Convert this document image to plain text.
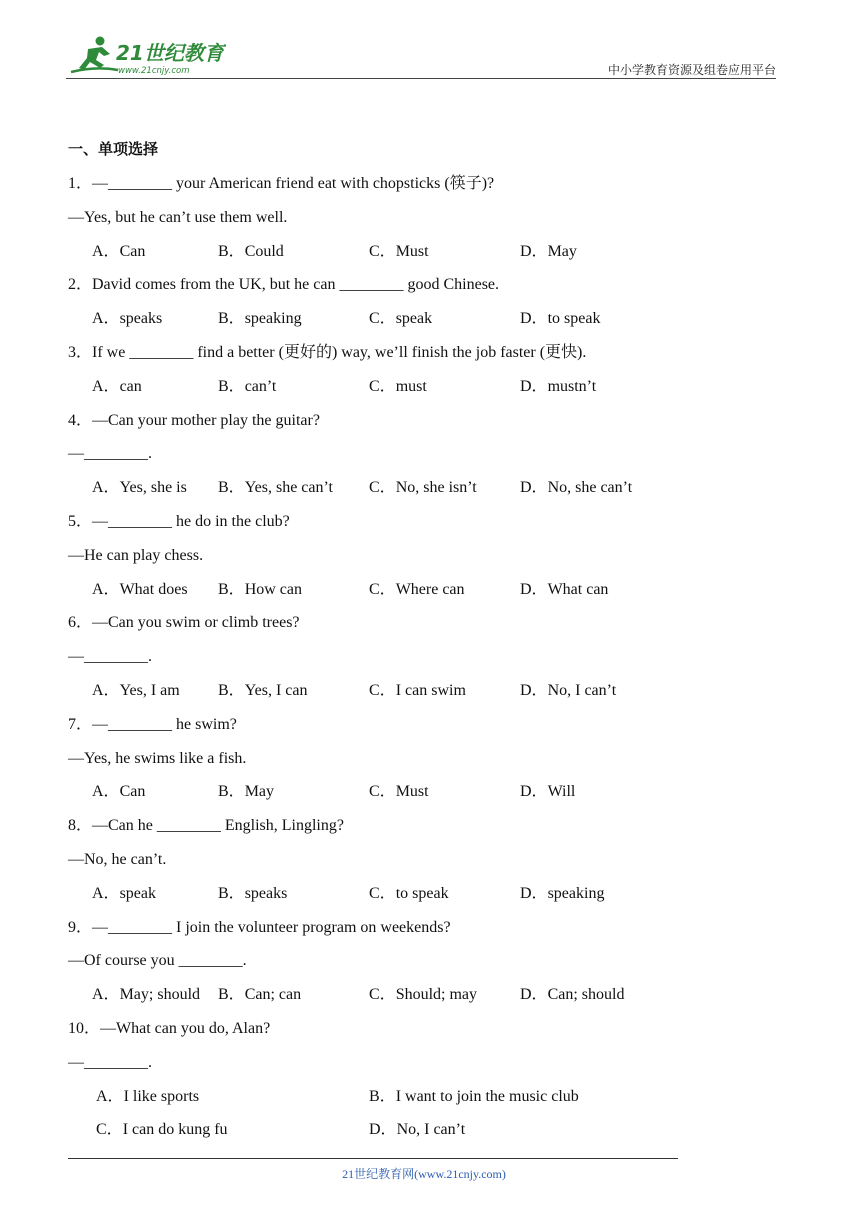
21世纪教育
www.21cnjy.com	中小学教育资源及组卷应用平台
一、单项选择
1．—________ your American friend eat with chopsticks (筷子)?
—Yes, but he can’t use them well.
A．Can	B．Could	C．Must	D．May
2．David comes from the UK, but he can ________ good Chinese.
A．speaks	B．speaking	C．speak	D．to speak
3．If we ________ find a better (更好的) way, we’ll finish the job faster (更快).
A．can	B．can’t	C．must	D．mustn’t
4．—Can your mother play the guitar?
—________.
A．Yes, she is B．Yes, she can’t C．No, she isn’t	D．No, she can’t
5．—________ he do in the club?
—He can play chess.
A．What does B．How can	C．Where can	D．What can
6．—Can you swim or climb trees?
—________.
A．Yes, I am B．Yes, I can	C．I can swim	D．No, I can’t
7．—________ he swim?
—Yes, he swims like a fish.
A．Can	B．May	C．Must	D．Will
8．—Can he ________ English, Lingling?
—No, he can’t.
A．speak	B．speaks	C．to speak	D．speaking
9．—________ I join the volunteer program on weekends?
—Of course you ________.
A．May; should B．Can; can	C．Should; may	D．Can; should
10．—What can you do, Alan?
—________.
A．I like sports	B．I want to join the music club
C．I can do kung fu	D．No, I can’t
21世纪教育网(www.21cnjy.com)
